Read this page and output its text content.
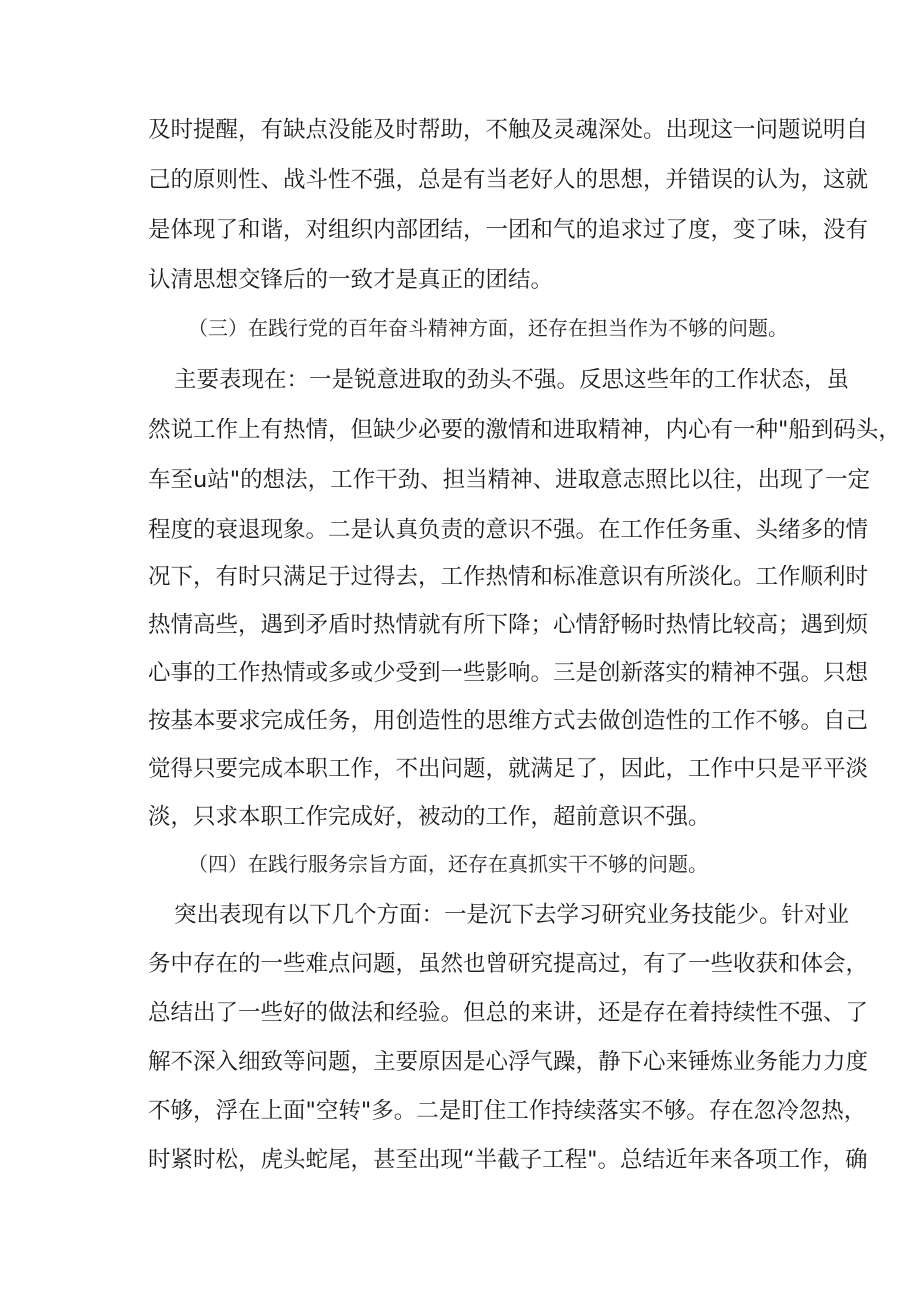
及时提醒，有缺点没能及时帮助，不触及灵魂深处。出现这一问题说明自
己的原则性、战斗性不强，总是有当老好人的思想，并错误的认为，这就
是体现了和谐，对组织内部团结，一团和气的追求过了度，变了味，没有
认清思想交锋后的一致才是真正的团结。
（三）在践行党的百年奋斗精神方面，还存在担当作为不够的问题。
主要表现在：一是锐意进取的劲头不强。反思这些年的工作状态，虽
然说工作上有热情，但缺少必要的激情和进取精神，内心有一种"船到码头，
车至u站"的想法，工作干劲、担当精神、进取意志照比以往，出现了一定
程度的衰退现象。二是认真负责的意识不强。在工作任务重、头绪多的情
况下，有时只满足于过得去，工作热情和标准意识有所淡化。工作顺利时
热情高些，遇到矛盾时热情就有所下降；心情舒畅时热情比较高；遇到烦
心事的工作热情或多或少受到一些影响。三是创新落实的精神不强。只想
按基本要求完成任务，用创造性的思维方式去做创造性的工作不够。自己
觉得只要完成本职工作，不出问题，就满足了，因此，工作中只是平平淡
淡，只求本职工作完成好，被动的工作，超前意识不强。
（四）在践行服务宗旨方面，还存在真抓实干不够的问题。
突出表现有以下几个方面：一是沉下去学习研究业务技能少。针对业
务中存在的一些难点问题，虽然也曾研究提高过，有了一些收获和体会，
总结出了一些好的做法和经验。但总的来讲，还是存在着持续性不强、了
解不深入细致等问题，主要原因是心浮气躁，静下心来锤炼业务能力力度
不够，浮在上面"空转"多。二是盯住工作持续落实不够。存在忽冷忽热，
时紧时松，虎头蛇尾，甚至出现“半截子工程"。总结近年来各项工作，确
